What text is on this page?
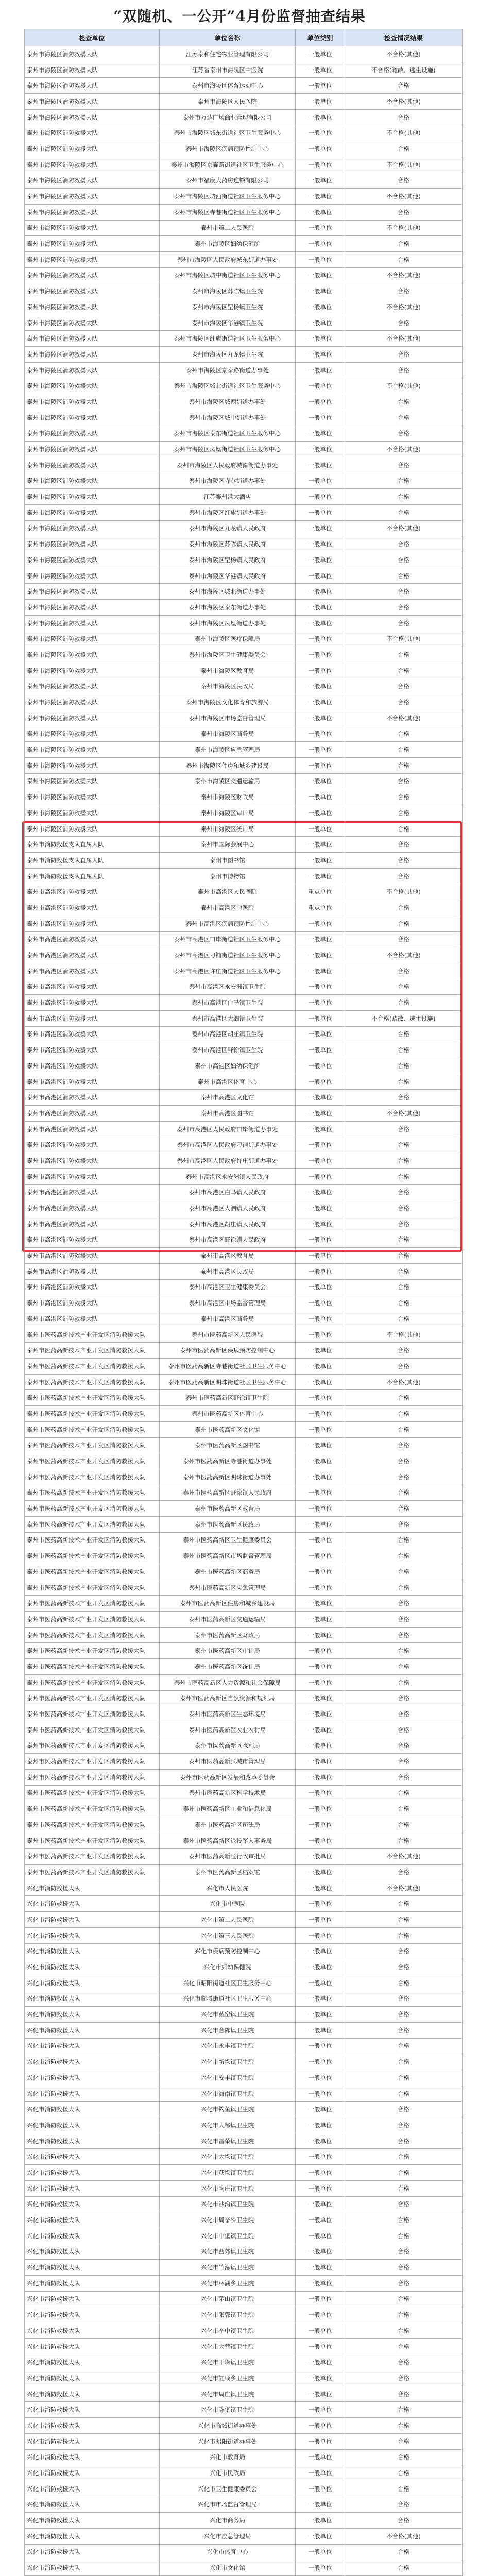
“双随机、一公开”4月份监督抽查结果
检查单位	单位名称	单位类别	检查情况结果
泰州市海陵区消防救援大队	江苏泰和住宅物业管理有限公司	一般单位	不合格(其他)
泰州市海陵区消防救援大队	江苏省泰州市海陵区中医院	一般单位	不合格(疏散、逃生设施)
泰州市海陵区消防救援大队	泰州市海陵区体育运动中心	一般单位	合格
泰州市海陵区消防救援大队	泰州市海陵区人民医院	一般单位	不合格(其他)
泰州市海陵区消防救援大队	泰州市万达广场商业管理有限公司	一般单位	合格
泰州市海陵区消防救援大队	泰州市海陵区城东街道社区卫生服务中心	一般单位	不合格(其他)
泰州市海陵区消防救援大队	泰州市海陵区疾病预防控制中心	一般单位	合格
泰州市海陵区消防救援大队	泰州市海陵区京泰路街道社区卫生服务中心	一般单位	不合格(其他)
泰州市海陵区消防救援大队	泰州市福康大药房连锁有限公司	一般单位	合格
泰州市海陵区消防救援大队	泰州市海陵区城西街道社区卫生服务中心	一般单位	不合格(其他)
泰州市海陵区消防救援大队	泰州市海陵区寺巷街道社区卫生服务中心	一般单位	合格
泰州市海陵区消防救援大队	泰州市第二人民医院	一般单位	不合格(其他)
泰州市海陵区消防救援大队	泰州市海陵区妇幼保健所	一般单位	合格
泰州市海陵区消防救援大队	泰州市海陵区人民政府城东街道办事处	一般单位	合格
泰州市海陵区消防救援大队	泰州市海陵区城中街道社区卫生服务中心	一般单位	不合格(其他)
泰州市海陵区消防救援大队	泰州市海陵区苏陈镇卫生院	一般单位	合格
泰州市海陵区消防救援大队	泰州市海陵区罡杨镇卫生院	一般单位	不合格(其他)
泰州市海陵区消防救援大队	泰州市海陵区华港镇卫生院	一般单位	合格
泰州市海陵区消防救援大队	泰州市海陵区红旗街道社区卫生服务中心	一般单位	不合格(其他)
泰州市海陵区消防救援大队	泰州市海陵区九龙镇卫生院	一般单位	合格
泰州市海陵区消防救援大队	泰州市海陵区京泰路街道办事处	一般单位	合格
泰州市海陵区消防救援大队	泰州市海陵区城北街道社区卫生服务中心	一般单位	不合格(其他)
泰州市海陵区消防救援大队	泰州市海陵区城西街道办事处	一般单位	合格
泰州市海陵区消防救援大队	泰州市海陵区城中街道办事处	一般单位	合格
泰州市海陵区消防救援大队	泰州市海陵区泰东街道社区卫生服务中心	一般单位	合格
泰州市海陵区消防救援大队	泰州市海陵区凤凰街道社区卫生服务中心	一般单位	不合格(其他)
泰州市海陵区消防救援大队	泰州市海陵区人民政府城南街道办事处	一般单位	合格
泰州市海陵区消防救援大队	泰州市海陵区寺巷街道办事处	一般单位	合格
泰州市海陵区消防救援大队	江苏泰州港大酒店	一般单位	合格
泰州市海陵区消防救援大队	泰州市海陵区红旗街道办事处	一般单位	合格
泰州市海陵区消防救援大队	泰州市海陵区九龙镇人民政府	一般单位	不合格(其他)
泰州市海陵区消防救援大队	泰州市海陵区苏陈镇人民政府	一般单位	合格
泰州市海陵区消防救援大队	泰州市海陵区罡杨镇人民政府	一般单位	合格
泰州市海陵区消防救援大队	泰州市海陵区华港镇人民政府	一般单位	合格
泰州市海陵区消防救援大队	泰州市海陵区城北街道办事处	一般单位	合格
泰州市海陵区消防救援大队	泰州市海陵区泰东街道办事处	一般单位	合格
泰州市海陵区消防救援大队	泰州市海陵区凤凰街道办事处	一般单位	合格
泰州市海陵区消防救援大队	泰州市海陵区医疗保障局	一般单位	不合格(其他)
泰州市海陵区消防救援大队	泰州市海陵区卫生健康委员会	一般单位	合格
泰州市海陵区消防救援大队	泰州市海陵区教育局	一般单位	合格
泰州市海陵区消防救援大队	泰州市海陵区民政局	一般单位	合格
泰州市海陵区消防救援大队	泰州市海陵区文化体育和旅游局	一般单位	合格
泰州市海陵区消防救援大队	泰州市海陵区市场监督管理局	一般单位	不合格(其他)
泰州市海陵区消防救援大队	泰州市海陵区商务局	一般单位	合格
泰州市海陵区消防救援大队	泰州市海陵区应急管理局	一般单位	合格
泰州市海陵区消防救援大队	泰州市海陵区住房和城乡建设局	一般单位	合格
泰州市海陵区消防救援大队	泰州市海陵区交通运输局	一般单位	合格
泰州市海陵区消防救援大队	泰州市海陵区财政局	一般单位	合格
泰州市海陵区消防救援大队	泰州市海陵区审计局	一般单位	合格
泰州市海陵区消防救援大队	泰州市海陵区统计局	一般单位	合格
泰州市消防救援支队直属大队	泰州市国际会展中心	一般单位	合格
泰州市消防救援支队直属大队	泰州市图书馆	一般单位	合格
泰州市消防救援支队直属大队	泰州市博物馆	一般单位	合格
泰州市高港区消防救援大队	泰州市高港区人民医院	重点单位	不合格(其他)
泰州市高港区消防救援大队	泰州市高港区中医院	重点单位	合格
泰州市高港区消防救援大队	泰州市高港区疾病预防控制中心	一般单位	合格
泰州市高港区消防救援大队	泰州市高港区口岸街道社区卫生服务中心	一般单位	合格
泰州市高港区消防救援大队	泰州市高港区刁铺街道社区卫生服务中心	一般单位	不合格(其他)
泰州市高港区消防救援大队	泰州市高港区许庄街道社区卫生服务中心	一般单位	合格
泰州市高港区消防救援大队	泰州市高港区永安洲镇卫生院	一般单位	合格
泰州市高港区消防救援大队	泰州市高港区白马镇卫生院	一般单位	合格
泰州市高港区消防救援大队	泰州市高港区大泗镇卫生院	一般单位	不合格(疏散、逃生设施)
泰州市高港区消防救援大队	泰州市高港区胡庄镇卫生院	一般单位	合格
泰州市高港区消防救援大队	泰州市高港区野徐镇卫生院	一般单位	合格
泰州市高港区消防救援大队	泰州市高港区妇幼保健所	一般单位	合格
泰州市高港区消防救援大队	泰州市高港区体育中心	一般单位	合格
泰州市高港区消防救援大队	泰州市高港区文化馆	一般单位	合格
泰州市高港区消防救援大队	泰州市高港区图书馆	一般单位	不合格(其他)
泰州市高港区消防救援大队	泰州市高港区人民政府口岸街道办事处	一般单位	合格
泰州市高港区消防救援大队	泰州市高港区人民政府刁铺街道办事处	一般单位	合格
泰州市高港区消防救援大队	泰州市高港区人民政府许庄街道办事处	一般单位	合格
泰州市高港区消防救援大队	泰州市高港区永安洲镇人民政府	一般单位	合格
泰州市高港区消防救援大队	泰州市高港区白马镇人民政府	一般单位	合格
泰州市高港区消防救援大队	泰州市高港区大泗镇人民政府	一般单位	合格
泰州市高港区消防救援大队	泰州市高港区胡庄镇人民政府	一般单位	合格
泰州市高港区消防救援大队	泰州市高港区野徐镇人民政府	一般单位	合格
泰州市高港区消防救援大队	泰州市高港区教育局	一般单位	合格
泰州市高港区消防救援大队	泰州市高港区民政局	一般单位	合格
泰州市高港区消防救援大队	泰州市高港区卫生健康委员会	一般单位	合格
泰州市高港区消防救援大队	泰州市高港区市场监督管理局	一般单位	合格
泰州市高港区消防救援大队	泰州市高港区商务局	一般单位	合格
泰州市医药高新技术产业开发区消防救援大队	泰州市医药高新区人民医院	一般单位	不合格(其他)
泰州市医药高新技术产业开发区消防救援大队	泰州市医药高新区疾病预防控制中心	一般单位	合格
泰州市医药高新技术产业开发区消防救援大队	泰州市医药高新区寺巷街道社区卫生服务中心	一般单位	合格
泰州市医药高新技术产业开发区消防救援大队	泰州市医药高新区明珠街道社区卫生服务中心	一般单位	不合格(其他)
泰州市医药高新技术产业开发区消防救援大队	泰州市医药高新区野徐镇卫生院	一般单位	合格
泰州市医药高新技术产业开发区消防救援大队	泰州市医药高新区体育中心	一般单位	合格
泰州市医药高新技术产业开发区消防救援大队	泰州市医药高新区文化馆	一般单位	合格
泰州市医药高新技术产业开发区消防救援大队	泰州市医药高新区图书馆	一般单位	合格
泰州市医药高新技术产业开发区消防救援大队	泰州市医药高新区寺巷街道办事处	一般单位	合格
泰州市医药高新技术产业开发区消防救援大队	泰州市医药高新区明珠街道办事处	一般单位	合格
泰州市医药高新技术产业开发区消防救援大队	泰州市医药高新区野徐镇人民政府	一般单位	合格
泰州市医药高新技术产业开发区消防救援大队	泰州市医药高新区教育局	一般单位	合格
泰州市医药高新技术产业开发区消防救援大队	泰州市医药高新区民政局	一般单位	合格
泰州市医药高新技术产业开发区消防救援大队	泰州市医药高新区卫生健康委员会	一般单位	合格
泰州市医药高新技术产业开发区消防救援大队	泰州市医药高新区市场监督管理局	一般单位	合格
泰州市医药高新技术产业开发区消防救援大队	泰州市医药高新区商务局	一般单位	合格
泰州市医药高新技术产业开发区消防救援大队	泰州市医药高新区应急管理局	一般单位	合格
泰州市医药高新技术产业开发区消防救援大队	泰州市医药高新区住房和城乡建设局	一般单位	合格
泰州市医药高新技术产业开发区消防救援大队	泰州市医药高新区交通运输局	一般单位	合格
泰州市医药高新技术产业开发区消防救援大队	泰州市医药高新区财政局	一般单位	合格
泰州市医药高新技术产业开发区消防救援大队	泰州市医药高新区审计局	一般单位	合格
泰州市医药高新技术产业开发区消防救援大队	泰州市医药高新区统计局	一般单位	合格
泰州市医药高新技术产业开发区消防救援大队	泰州市医药高新区人力资源和社会保障局	一般单位	合格
泰州市医药高新技术产业开发区消防救援大队	泰州市医药高新区自然资源和规划局	一般单位	合格
泰州市医药高新技术产业开发区消防救援大队	泰州市医药高新区生态环境局	一般单位	合格
泰州市医药高新技术产业开发区消防救援大队	泰州市医药高新区农业农村局	一般单位	合格
泰州市医药高新技术产业开发区消防救援大队	泰州市医药高新区水利局	一般单位	合格
泰州市医药高新技术产业开发区消防救援大队	泰州市医药高新区城市管理局	一般单位	合格
泰州市医药高新技术产业开发区消防救援大队	泰州市医药高新区发展和改革委员会	一般单位	合格
泰州市医药高新技术产业开发区消防救援大队	泰州市医药高新区科学技术局	一般单位	合格
泰州市医药高新技术产业开发区消防救援大队	泰州市医药高新区工业和信息化局	一般单位	合格
泰州市医药高新技术产业开发区消防救援大队	泰州市医药高新区司法局	一般单位	合格
泰州市医药高新技术产业开发区消防救援大队	泰州市医药高新区退役军人事务局	一般单位	合格
泰州市医药高新技术产业开发区消防救援大队	泰州市医药高新区行政审批局	一般单位	不合格(其他)
泰州市医药高新技术产业开发区消防救援大队	泰州市医药高新区档案馆	一般单位	合格
兴化市消防救援大队	兴化市人民医院	一般单位	不合格(其他)
兴化市消防救援大队	兴化市中医院	一般单位	合格
兴化市消防救援大队	兴化市第二人民医院	一般单位	合格
兴化市消防救援大队	兴化市第三人民医院	一般单位	合格
兴化市消防救援大队	兴化市疾病预防控制中心	一般单位	合格
兴化市消防救援大队	兴化市妇幼保健院	一般单位	合格
兴化市消防救援大队	兴化市昭阳街道社区卫生服务中心	一般单位	合格
兴化市消防救援大队	兴化市临城街道社区卫生服务中心	一般单位	合格
兴化市消防救援大队	兴化市戴窑镇卫生院	一般单位	合格
兴化市消防救援大队	兴化市合陈镇卫生院	一般单位	合格
兴化市消防救援大队	兴化市永丰镇卫生院	一般单位	合格
兴化市消防救援大队	兴化市新垛镇卫生院	一般单位	合格
兴化市消防救援大队	兴化市安丰镇卫生院	一般单位	合格
兴化市消防救援大队	兴化市海南镇卫生院	一般单位	合格
兴化市消防救援大队	兴化市钓鱼镇卫生院	一般单位	合格
兴化市消防救援大队	兴化市大邹镇卫生院	一般单位	合格
兴化市消防救援大队	兴化市昌荣镇卫生院	一般单位	合格
兴化市消防救援大队	兴化市大垛镇卫生院	一般单位	合格
兴化市消防救援大队	兴化市荻垛镇卫生院	一般单位	合格
兴化市消防救援大队	兴化市陶庄镇卫生院	一般单位	合格
兴化市消防救援大队	兴化市沙沟镇卫生院	一般单位	合格
兴化市消防救援大队	兴化市周奋乡卫生院	一般单位	合格
兴化市消防救援大队	兴化市中堡镇卫生院	一般单位	合格
兴化市消防救援大队	兴化市西郊镇卫生院	一般单位	合格
兴化市消防救援大队	兴化市竹泓镇卫生院	一般单位	合格
兴化市消防救援大队	兴化市林湖乡卫生院	一般单位	合格
兴化市消防救援大队	兴化市茅山镇卫生院	一般单位	合格
兴化市消防救援大队	兴化市张郭镇卫生院	一般单位	合格
兴化市消防救援大队	兴化市李中镇卫生院	一般单位	合格
兴化市消防救援大队	兴化市大营镇卫生院	一般单位	合格
兴化市消防救援大队	兴化市千垛镇卫生院	一般单位	合格
兴化市消防救援大队	兴化市缸顾乡卫生院	一般单位	合格
兴化市消防救援大队	兴化市周庄镇卫生院	一般单位	合格
兴化市消防救援大队	兴化市陈堡镇卫生院	一般单位	合格
兴化市消防救援大队	兴化市临城街道办事处	一般单位	合格
兴化市消防救援大队	兴化市昭阳街道办事处	一般单位	合格
兴化市消防救援大队	兴化市教育局	一般单位	合格
兴化市消防救援大队	兴化市民政局	一般单位	合格
兴化市消防救援大队	兴化市卫生健康委员会	一般单位	合格
兴化市消防救援大队	兴化市市场监督管理局	一般单位	合格
兴化市消防救援大队	兴化市商务局	一般单位	合格
兴化市消防救援大队	兴化市应急管理局	一般单位	不合格(其他)
兴化市消防救援大队	兴化市体育中心	一般单位	合格
兴化市消防救援大队	兴化市文化馆	一般单位	合格
